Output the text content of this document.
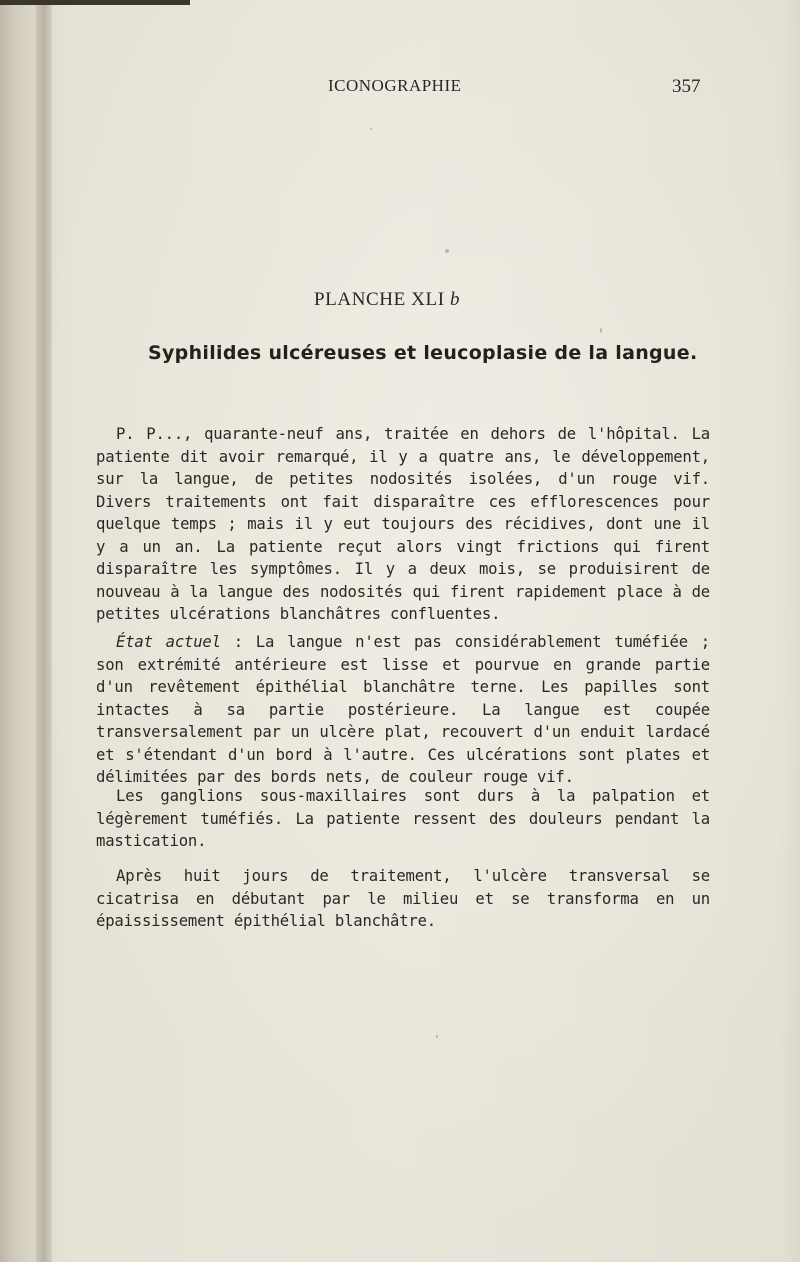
ICONOGRAPHIE	357
PLANCHE XLI b
Syphilides ulcéreuses et leucoplasie de la langue.

P. P..., quarante-neuf ans, traitée en dehors de l'hôpital. La patiente dit avoir remarqué, il y a quatre ans, le développement, sur la langue, de petites nodosités isolées, d'un rouge vif. Divers traitements ont fait disparaître ces efflorescences pour quelque temps ; mais il y eut toujours des récidives, dont une il y a un an. La patiente reçut alors vingt frictions qui firent disparaître les symptômes. Il y a deux mois, se produisirent de nouveau à la langue des nodosités qui firent rapidement place à de petites ulcérations blanchâtres confluentes.

État actuel : La langue n'est pas considérablement tuméfiée ; son extrémité antérieure est lisse et pourvue en grande partie d'un revêtement épithélial blanchâtre terne. Les papilles sont intactes à sa partie postérieure. La langue est coupée transversalement par un ulcère plat, recouvert d'un enduit lardacé et s'étendant d'un bord à l'autre. Ces ulcérations sont plates et délimitées par des bords nets, de couleur rouge vif.

Les ganglions sous-maxillaires sont durs à la palpation et légèrement tuméfiés. La patiente ressent des douleurs pendant la mastication.

Après huit jours de traitement, l'ulcère transversal se cicatrisa en débutant par le milieu et se transforma en un épaississement épithélial blanchâtre.
